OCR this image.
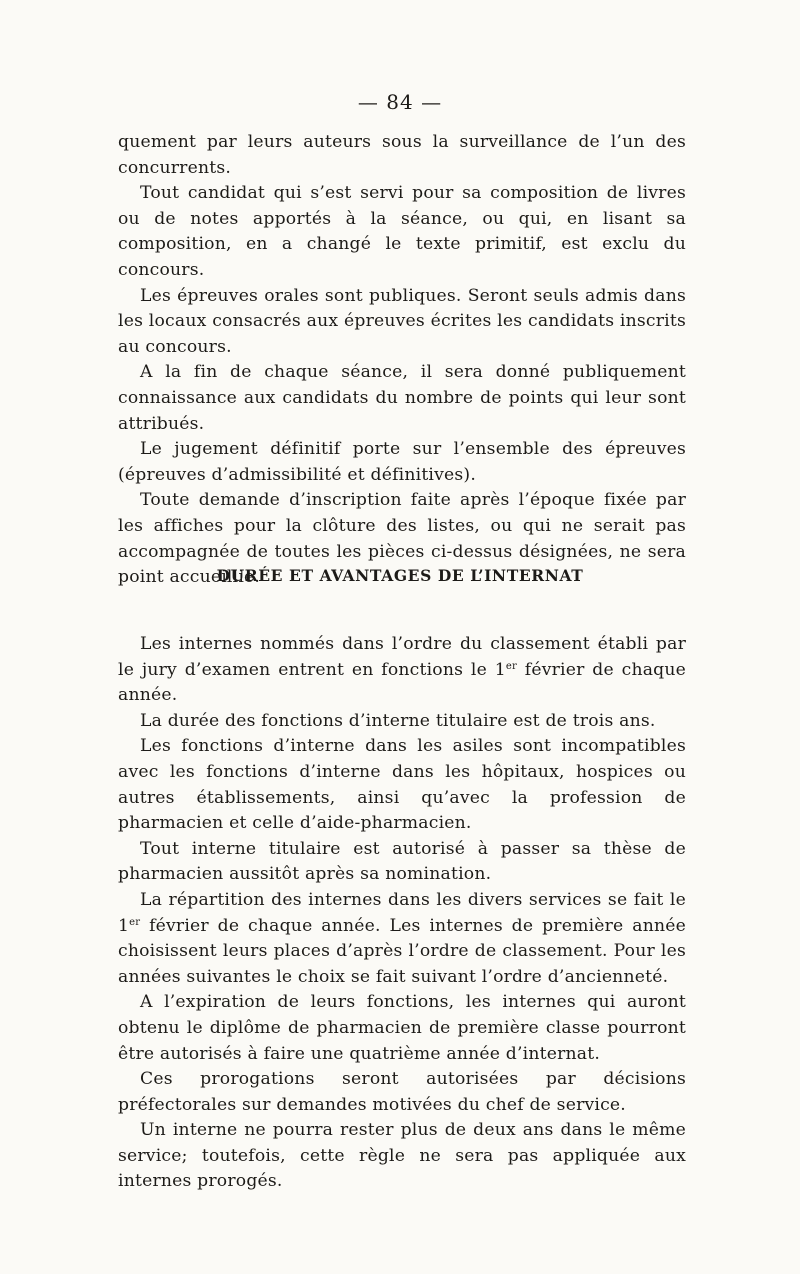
— 84 —

quement par leurs auteurs sous la surveillance de l’un des concurrents.

Tout candidat qui s’est servi pour sa composition de livres ou de notes apportés à la séance, ou qui, en lisant sa composition, en a changé le texte primitif, est exclu du concours.

Les épreuves orales sont publiques. Seront seuls admis dans les locaux consacrés aux épreuves écrites les candidats inscrits au concours.

A la fin de chaque séance, il sera donné publiquement connaissance aux candidats du nombre de points qui leur sont attribués.

Le jugement définitif porte sur l’ensemble des épreuves (épreuves d’admissibilité et définitives).

Toute demande d’inscription faite après l’époque fixée par les affiches pour la clôture des listes, ou qui ne serait pas accompagnée de toutes les pièces ci-dessus désignées, ne sera point accueillie.

DURÉE ET AVANTAGES DE L’INTERNAT

Les internes nommés dans l’ordre du classement établi par le jury d’examen entrent en fonctions le 1er février de chaque année.

La durée des fonctions d’interne titulaire est de trois ans.

Les fonctions d’interne dans les asiles sont incompatibles avec les fonctions d’interne dans les hôpitaux, hospices ou autres établissements, ainsi qu’avec la profession de pharmacien et celle d’aide-pharmacien.

Tout interne titulaire est autorisé à passer sa thèse de pharmacien aussitôt après sa nomination.

La répartition des internes dans les divers services se fait le 1er février de chaque année. Les internes de première année choisissent leurs places d’après l’ordre de classement. Pour les années suivantes le choix se fait suivant l’ordre d’ancienneté.

A l’expiration de leurs fonctions, les internes qui auront obtenu le diplôme de pharmacien de première classe pourront être autorisés à faire une quatrième année d’internat.

Ces prorogations seront autorisées par décisions préfectorales sur demandes motivées du chef de service.

Un interne ne pourra rester plus de deux ans dans le même service; toutefois, cette règle ne sera pas appliquée aux internes prorogés.
